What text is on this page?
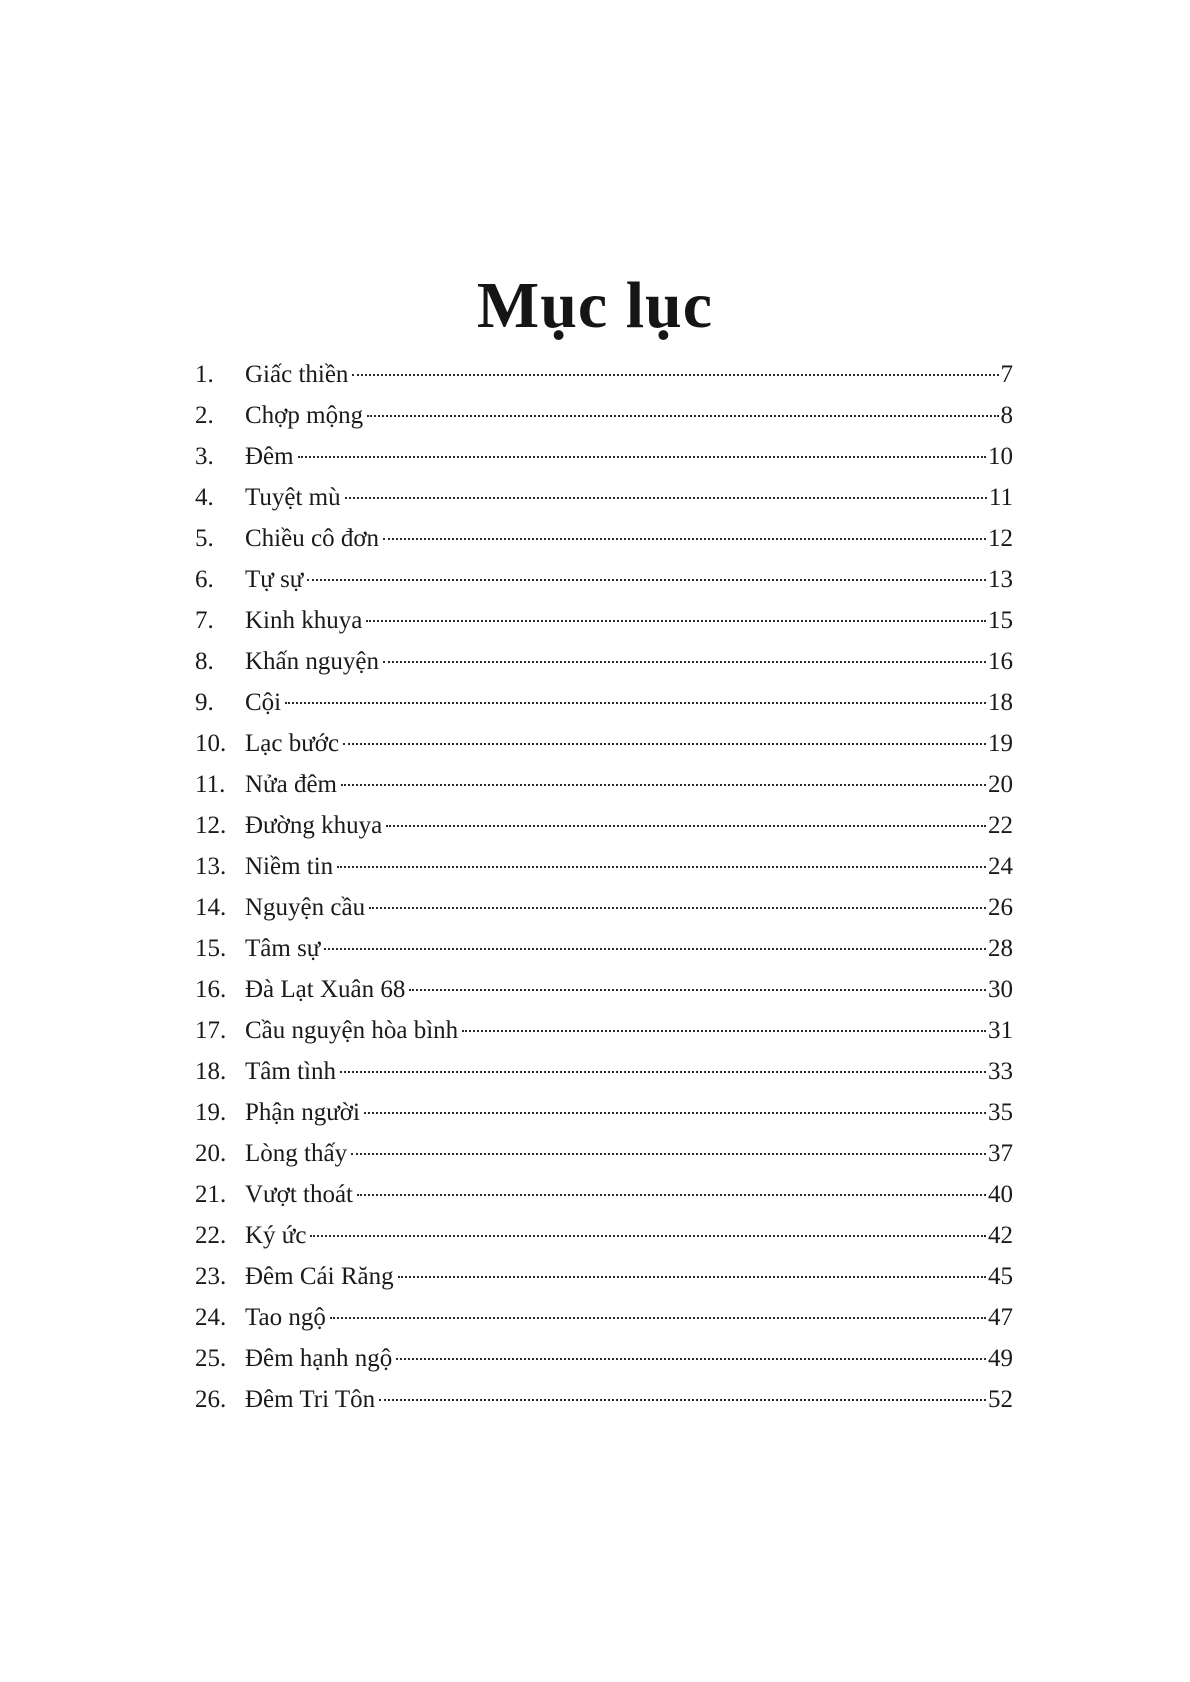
Mục lục
1.	Giấc thiền	7
2.	Chợp mộng	8
3.	Đêm	10
4.	Tuyệt mù	11
5.	Chiều cô đơn	12
6.	Tự sự	13
7.	Kinh khuya	15
8.	Khấn nguyện	16
9.	Cội	18
10. Lạc bước	19
11. Nửa đêm	20
12. Đường khuya	22
13. Niềm tin	24
14. Nguyện cầu	26
15. Tâm sự	28
16. Đà Lạt Xuân 68	30
17. Cầu nguyện hòa bình	31
18. Tâm tình	33
19. Phận người	35
20. Lòng thấy	37
21. Vượt thoát	40
22. Ký ức	42
23. Đêm Cái Răng	45
24. Tao ngộ	47
25. Đêm hạnh ngộ	49
26. Đêm Tri Tôn	52
